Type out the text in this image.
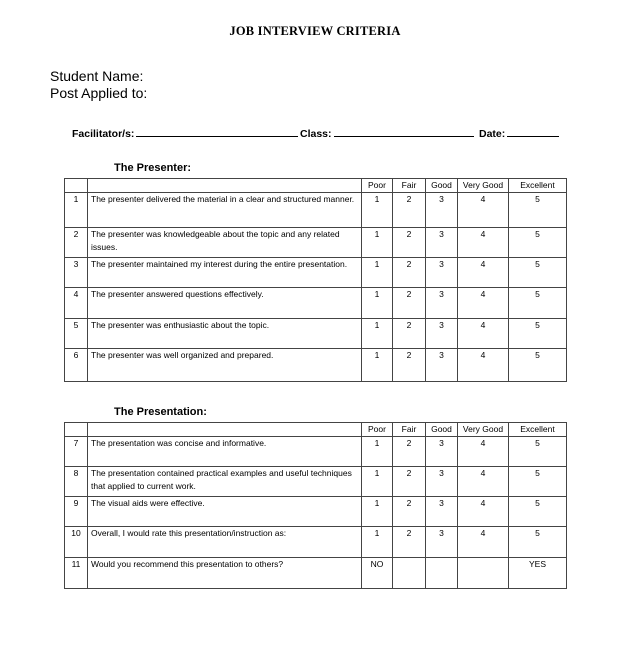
JOB INTERVIEW CRITERIA
Student Name:
Post Applied to:
Facilitator/s:	Class:	Date:
The Presenter:
		Poor	Fair	Good	Very Good	Excellent
1	The presenter delivered the material in a clear and structured manner.	1	2	3	4	5
2	The presenter was knowledgeable about the topic and any related issues.	1	2	3	4	5
3	The presenter maintained my interest during the entire presentation.	1	2	3	4	5
4	The presenter answered questions effectively.	1	2	3	4	5
5	The presenter was enthusiastic about the topic.	1	2	3	4	5
6	The presenter was well organized and prepared.	1	2	3	4	5
The Presentation:
		Poor	Fair	Good	Very Good	Excellent
7	The presentation was concise and informative.	1	2	3	4	5
8	The presentation contained practical examples and useful techniques that applied to current work.	1	2	3	4	5
9	The visual aids were effective.	1	2	3	4	5
10	Overall, I would rate this presentation/instruction as:	1	2	3	4	5
11	Would you recommend this presentation to others?	NO				YES
